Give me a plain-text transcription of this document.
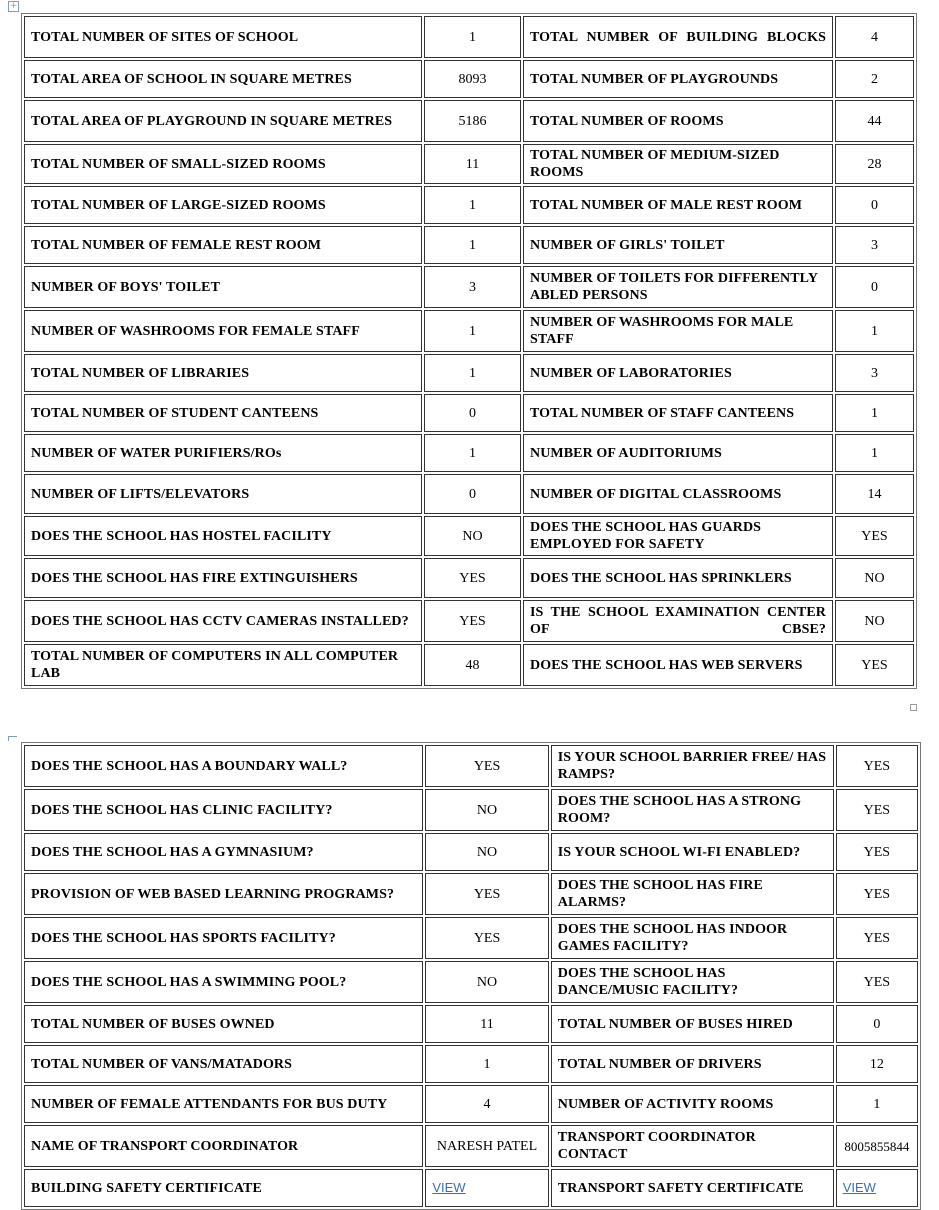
+
TOTAL NUMBER OF SITES OF SCHOOL	1	TOTAL NUMBER OF BUILDING BLOCKS	4
TOTAL AREA OF SCHOOL IN SQUARE METRES	8093	TOTAL NUMBER OF PLAYGROUNDS	2
TOTAL AREA OF PLAYGROUND IN SQUARE METRES	5186	TOTAL NUMBER OF ROOMS	44
TOTAL NUMBER OF SMALL-SIZED ROOMS	11	TOTAL NUMBER OF MEDIUM-SIZED ROOMS	28
TOTAL NUMBER OF LARGE-SIZED ROOMS	1	TOTAL NUMBER OF MALE REST ROOM	0
TOTAL NUMBER OF FEMALE REST ROOM	1	NUMBER OF GIRLS' TOILET	3
NUMBER OF BOYS' TOILET	3	NUMBER OF TOILETS FOR DIFFERENTLY ABLED PERSONS	0
NUMBER OF WASHROOMS FOR FEMALE STAFF	1	NUMBER OF WASHROOMS FOR MALE STAFF	1
TOTAL NUMBER OF LIBRARIES	1	NUMBER OF LABORATORIES	3
TOTAL NUMBER OF STUDENT CANTEENS	0	TOTAL NUMBER OF STAFF CANTEENS	1
NUMBER OF WATER PURIFIERS/ROs	1	NUMBER OF AUDITORIUMS	1
NUMBER OF LIFTS/ELEVATORS	0	NUMBER OF DIGITAL CLASSROOMS	14
DOES THE SCHOOL HAS HOSTEL FACILITY	NO	DOES THE SCHOOL HAS GUARDS EMPLOYED FOR SAFETY	YES
DOES THE SCHOOL HAS FIRE EXTINGUISHERS	YES	DOES THE SCHOOL HAS SPRINKLERS	NO
DOES THE SCHOOL HAS CCTV CAMERAS INSTALLED?	YES	IS THE SCHOOL EXAMINATION CENTER OF CBSE?	NO
TOTAL NUMBER OF COMPUTERS IN ALL COMPUTER LAB	48	DOES THE SCHOOL HAS WEB SERVERS	YES
DOES THE SCHOOL HAS A BOUNDARY WALL?	YES	IS YOUR SCHOOL BARRIER FREE/ HAS RAMPS?	YES
DOES THE SCHOOL HAS CLINIC FACILITY?	NO	DOES THE SCHOOL HAS A STRONG ROOM?	YES
DOES THE SCHOOL HAS A GYMNASIUM?	NO	IS YOUR SCHOOL WI-FI ENABLED?	YES
PROVISION OF WEB BASED LEARNING PROGRAMS?	YES	DOES THE SCHOOL HAS FIRE ALARMS?	YES
DOES THE SCHOOL HAS SPORTS FACILITY?	YES	DOES THE SCHOOL HAS INDOOR GAMES FACILITY?	YES
DOES THE SCHOOL HAS A SWIMMING POOL?	NO	DOES THE SCHOOL HAS DANCE/MUSIC FACILITY?	YES
TOTAL NUMBER OF BUSES OWNED	11	TOTAL NUMBER OF BUSES HIRED	0
TOTAL NUMBER OF VANS/MATADORS	1	TOTAL NUMBER OF DRIVERS	12
NUMBER OF FEMALE ATTENDANTS FOR BUS DUTY	4	NUMBER OF ACTIVITY ROOMS	1
NAME OF TRANSPORT COORDINATOR	NARESH PATEL	TRANSPORT COORDINATOR CONTACT	8005855844
BUILDING SAFETY CERTIFICATE	VIEW	TRANSPORT SAFETY CERTIFICATE	VIEW
